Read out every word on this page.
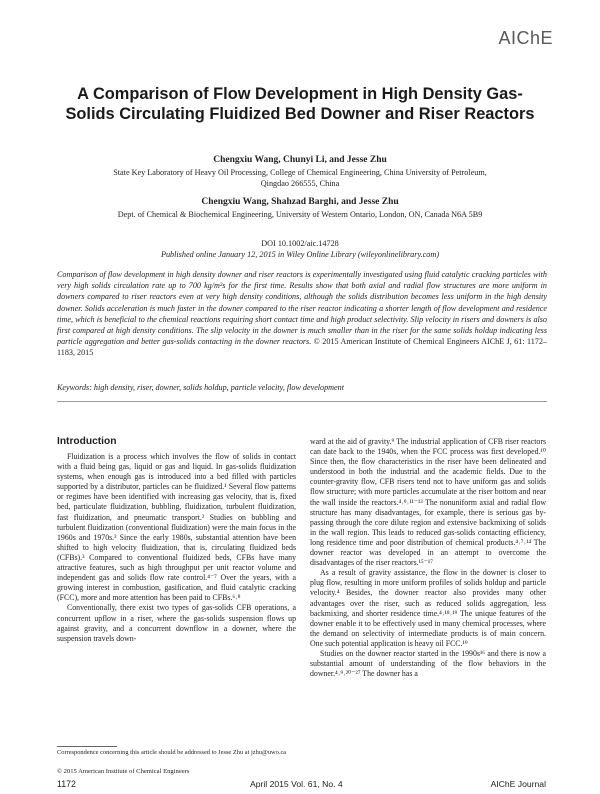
AIChE
A Comparison of Flow Development in High Density Gas-Solids Circulating Fluidized Bed Downer and Riser Reactors
Chengxiu Wang, Chunyi Li, and Jesse Zhu
State Key Laboratory of Heavy Oil Processing, College of Chemical Engineering, China University of Petroleum,
Qingdao 266555, China
Chengxiu Wang, Shahzad Barghi, and Jesse Zhu
Dept. of Chemical & Biochemical Engineering, University of Western Ontario, London, ON, Canada N6A 5B9
DOI 10.1002/aic.14728
Published online January 12, 2015 in Wiley Online Library (wileyonlinelibrary.com)
Comparison of flow development in high density downer and riser reactors is experimentally investigated using fluid catalytic cracking particles with very high solids circulation rate up to 700 kg/m²s for the first time. Results show that both axial and radial flow structures are more uniform in downers compared to riser reactors even at very high density conditions, although the solids distribution becomes less uniform in the high density downer. Solids acceleration is much faster in the downer compared to the riser reactor indicating a shorter length of flow development and residence time, which is beneficial to the chemical reactions requiring short contact time and high product selectivity. Slip velocity in risers and downers is also first compared at high density conditions. The slip velocity in the downer is much smaller than in the riser for the same solids holdup indicating less particle aggregation and better gas-solids contacting in the downer reactors. © 2015 American Institute of Chemical Engineers AIChE J, 61: 1172–1183, 2015
Keywords: high density, riser, downer, solids holdup, particle velocity, flow development
Introduction

Fluidization is a process which involves the flow of solids in contact with a fluid being gas, liquid or gas and liquid. In gas-solids fluidization systems, when enough gas is introduced into a bed filled with particles supported by a distributor, particles can be fluidized.¹ Several flow patterns or regimes have been identified with increasing gas velocity, that is, fixed bed, particulate fluidization, bubbling, fluidization, turbulent fluidization, fast fluidization, and pneumatic transport.² Studies on bubbling and turbulent fluidization (conventional fluidization) were the main focus in the 1960s and 1970s.³ Since the early 1980s, substantial attention have been shifted to high velocity fluidization, that is, circulating fluidized beds (CFBs).³ Compared to conventional fluidized beds, CFBs have many attractive features, such as high throughput per unit reactor volume and independent gas and solids flow rate control.⁴⁻⁷ Over the years, with a growing interest in combustion, gasification, and fluid catalytic cracking (FCC), more and more attention has been paid to CFBs.⁶˒⁸

Conventionally, there exist two types of gas-solids CFB operations, a concurrent upflow in a riser, where the gas-solids suspension flows up against gravity, and a concurrent downflow in a downer, where the suspension travels down-

ward at the aid of gravity.⁹ The industrial application of CFB riser reactors can date back to the 1940s, when the FCC process was first developed.¹⁰ Since then, the flow characteristics in the riser have been delineated and understood in both the industrial and the academic fields. Due to the counter-gravity flow, CFB risers tend not to have uniform gas and solids flow structure; with more particles accumulate at the riser bottom and near the wall inside the reactors.⁴˒⁹˒¹¹⁻¹³ The nonuniform axial and radial flow structure has many disadvantages, for example, there is serious gas by-passing through the core dilute region and extensive backmixing of solids in the wall region. This leads to reduced gas-solids contacting efficiency, long residence time and poor distribution of chemical products.⁴˒⁷˒¹⁴ The downer reactor was developed in an attempt to overcome the disadvantages of the riser reactors.¹⁵⁻¹⁷

As a result of gravity assistance, the flow in the downer is closer to plug flow, resulting in more uniform profiles of solids holdup and particle velocity.⁴ Besides, the downer reactor also provides many other advantages over the riser, such as reduced solids aggregation, less backmixing, and shorter residence time.⁴˒¹⁸˒¹⁹ The unique features of the downer enable it to be effectively used in many chemical processes, where the demand on selectivity of intermediate products is of main concern. One such potential application is heavy oil FCC.¹⁹

Studies on the downer reactor started in the 1990s¹⁶ and there is now a substantial amount of understanding of the flow behaviors in the downer.⁴˒⁹˒²⁰⁻²⁷ The downer has a

Correspondence concerning this article should be addressed to Jesse Zhu at jzhu@uwo.ca
© 2015 American Institute of Chemical Engineers
1172	April 2015 Vol. 61, No. 4	AIChE Journal
